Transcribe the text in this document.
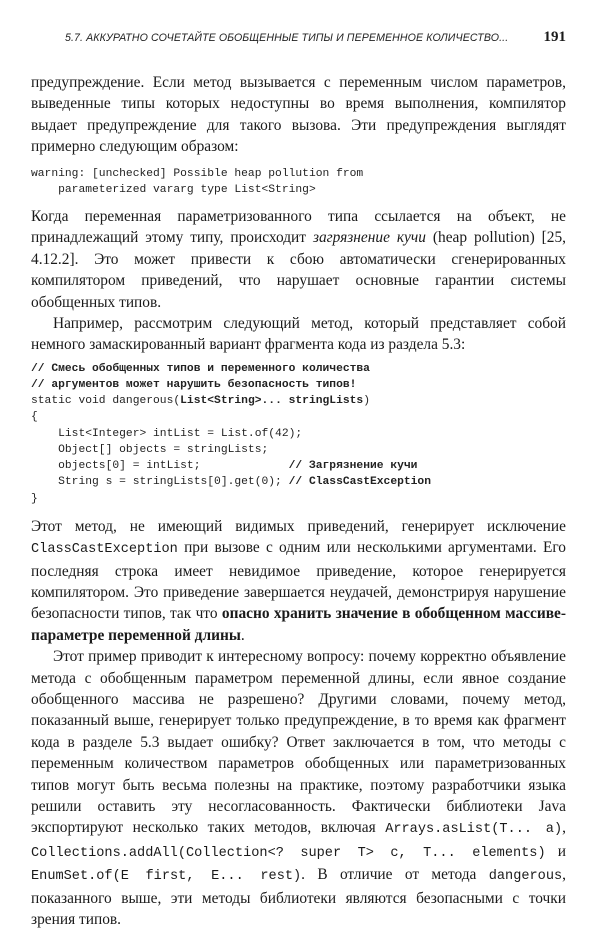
5.7. АККУРАТНО СОЧЕТАЙТЕ ОБОБЩЕННЫЕ ТИПЫ И ПЕРЕМЕННОЕ КОЛИЧЕСТВО... 191

предупреждение. Если метод вызывается с переменным числом параметров, выведенные типы которых недоступны во время выполнения, компилятор выдает предупреждение для такого вызова. Эти предупреждения выглядят примерно следующим образом:

warning: [unchecked] Possible heap pollution from
parameterized vararg type List<String>

Когда переменная параметризованного типа ссылается на объект, не принадлежащий этому типу, происходит загрязнение кучи (heap pollution) [25, 4.12.2]. Это может привести к сбою автоматически сгенерированных компилятором приведений, что нарушает основные гарантии системы обобщенных типов.

Например, рассмотрим следующий метод, который представляет собой немного замаскированный вариант фрагмента кода из раздела 5.3:

// Смесь обобщенных типов и переменного количества
// аргументов может нарушить безопасность типов!
static void dangerous(List<String>... stringLists)
{
List<Integer> intList = List.of(42);
Object[] objects = stringLists;
objects[0] = intList;             // Загрязнение кучи
String s = stringLists[0].get(0); // ClassCastException
}

Этот метод, не имеющий видимых приведений, генерирует исключение ClassCastException при вызове с одним или несколькими аргументами. Его последняя строка имеет невидимое приведение, которое генерируется компилятором. Это приведение завершается неудачей, демонстрируя нарушение безопасности типов, так что опасно хранить значение в обобщенном массиве-параметре переменной длины.

Этот пример приводит к интересному вопросу: почему корректно объявление метода с обобщенным параметром переменной длины, если явное создание обобщенного массива не разрешено? Другими словами, почему метод, показанный выше, генерирует только предупреждение, в то время как фрагмент кода в разделе 5.3 выдает ошибку? Ответ заключается в том, что методы с переменным количеством параметров обобщенных или параметризованных типов могут быть весьма полезны на практике, поэтому разработчики языка решили оставить эту несогласованность. Фактически библиотеки Java экспортируют несколько таких методов, включая Arrays.asList(T... a), Collections.addAll(Collection<? super T> c, T... elements) и EnumSet.of(E first, E... rest). В отличие от метода dangerous, показанного выше, эти методы библиотеки являются безопасными с точки зрения типов.
